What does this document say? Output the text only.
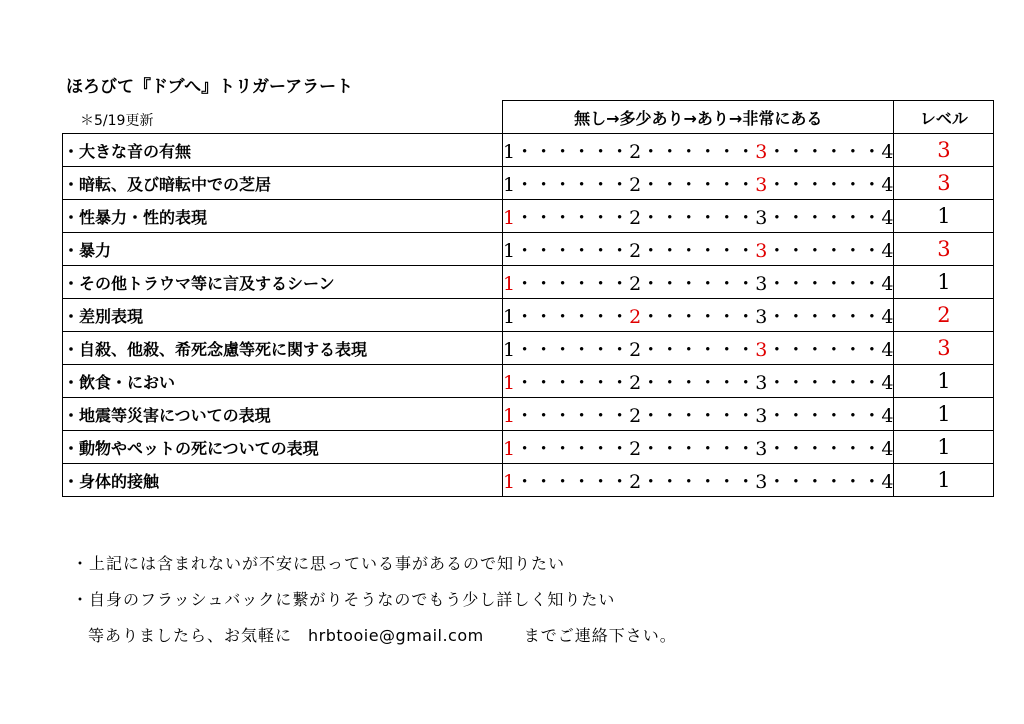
ほろびて『ドブへ』トリガーアラート
＊5/19更新
		無し→多少あり→あり→非常にある	レベル
・大きな音の有無	1・・・・・・2・・・・・・3・・・・・・4	3
・暗転、及び暗転中での芝居	1・・・・・・2・・・・・・3・・・・・・4	3
・性暴力・性的表現	1・・・・・・2・・・・・・3・・・・・・4	1
・暴力	1・・・・・・2・・・・・・3・・・・・・4	3
・その他トラウマ等に言及するシーン	1・・・・・・2・・・・・・3・・・・・・4	1
・差別表現	1・・・・・・2・・・・・・3・・・・・・4	2
・自殺、他殺、希死念慮等死に関する表現	1・・・・・・2・・・・・・3・・・・・・4	3
・飲食・におい	1・・・・・・2・・・・・・3・・・・・・4	1
・地震等災害についての表現	1・・・・・・2・・・・・・3・・・・・・4	1
・動物やペットの死についての表現	1・・・・・・2・・・・・・3・・・・・・4	1
・身体的接触	1・・・・・・2・・・・・・3・・・・・・4	1
・上記には含まれないが不安に思っている事があるので知りたい
・自身のフラッシュバックに繋がりそうなのでもう少し詳しく知りたい
等ありましたら、お気軽に hrbtooie@gmail.com	までご連絡下さい。
